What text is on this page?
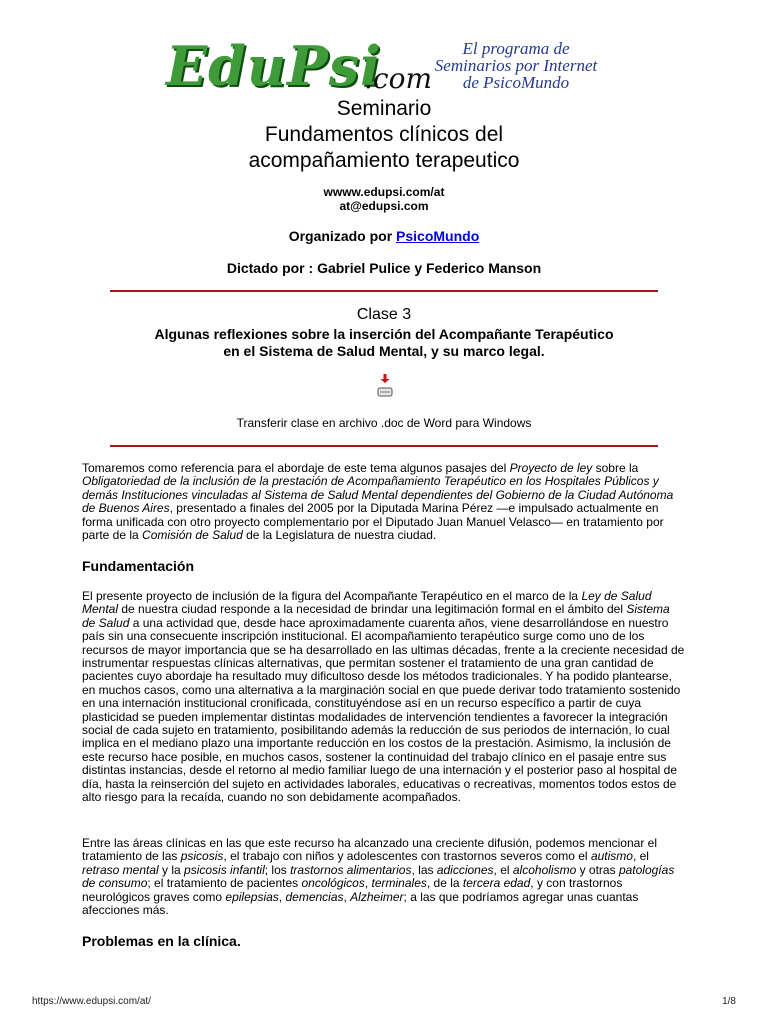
EduPsi
.com
El programa de
Seminarios por Internet
de PsicoMundo
Seminario
Fundamentos clínicos del
acompañamiento terapeutico
wwww.edupsi.com/at
at@edupsi.com
Organizado por PsicoMundo
Dictado por : Gabriel Pulice y Federico Manson
Clase 3
Algunas reflexiones sobre la inserción del Acompañante Terapéutico
en el Sistema de Salud Mental, y su marco legal.
Transferir clase en archivo .doc de Word para Windows
Tomaremos como referencia para el abordaje de este tema algunos pasajes del Proyecto de ley sobre la Obligatoriedad de la inclusión de la prestación de Acompañamiento Terapéutico en los Hospitales Públicos y demás Instituciones vinculadas al Sistema de Salud Mental dependientes del Gobierno de la Ciudad Autónoma de Buenos Aires, presentado a finales del 2005 por la Diputada Marina Pérez —e impulsado actualmente en forma unificada con otro proyecto complementario por el Diputado Juan Manuel Velasco— en tratamiento por parte de la Comisión de Salud de la Legislatura de nuestra ciudad.
Fundamentación
El presente proyecto de inclusión de la figura del Acompañante Terapéutico en el marco de la Ley de Salud Mental de nuestra ciudad responde a la necesidad de brindar una legitimación formal en el ámbito del Sistema de Salud a una actividad que, desde hace aproximadamente cuarenta años, viene desarrollándose en nuestro país sin una consecuente inscripción institucional. El acompañamiento terapéutico surge como uno de los recursos de mayor importancia que se ha desarrollado en las ultimas décadas, frente a la creciente necesidad de instrumentar respuestas clínicas alternativas, que permitan sostener el tratamiento de una gran cantidad de pacientes cuyo abordaje ha resultado muy dificultoso desde los métodos tradicionales. Y ha podido plantearse, en muchos casos, como una alternativa a la marginación social en que puede derivar todo tratamiento sostenido en una internación institucional cronificada, constituyéndose así en un recurso específico a partir de cuya plasticidad se pueden implementar distintas modalidades de intervención tendientes a favorecer la integración social de cada sujeto en tratamiento, posibilitando además la reducción de sus periodos de internación, lo cual implica en el mediano plazo una importante reducción en los costos de la prestación. Asimismo, la inclusión de este recurso hace posible, en muchos casos, sostener la continuidad del trabajo clínico en el pasaje entre sus distintas instancias, desde el retorno al medio familiar luego de una internación y el posterior paso al hospital de día, hasta la reinserción del sujeto en actividades laborales, educativas o recreativas, momentos todos estos de alto riesgo para la recaída, cuando no son debidamente acompañados.
Entre las áreas clínicas en las que este recurso ha alcanzado una creciente difusión, podemos mencionar el tratamiento de las psicosis, el trabajo con niños y adolescentes con trastornos severos como el autismo, el retraso mental y la psicosis infantil; los trastornos alimentarios, las adicciones, el alcoholismo y otras patologías de consumo; el tratamiento de pacientes oncológicos, terminales, de la tercera edad, y con trastornos neurológicos graves como epilepsias, demencias, Alzheimer; a las que podríamos agregar unas cuantas afecciones más.
Problemas en la clínica.
https://www.edupsi.com/at/	1/8
